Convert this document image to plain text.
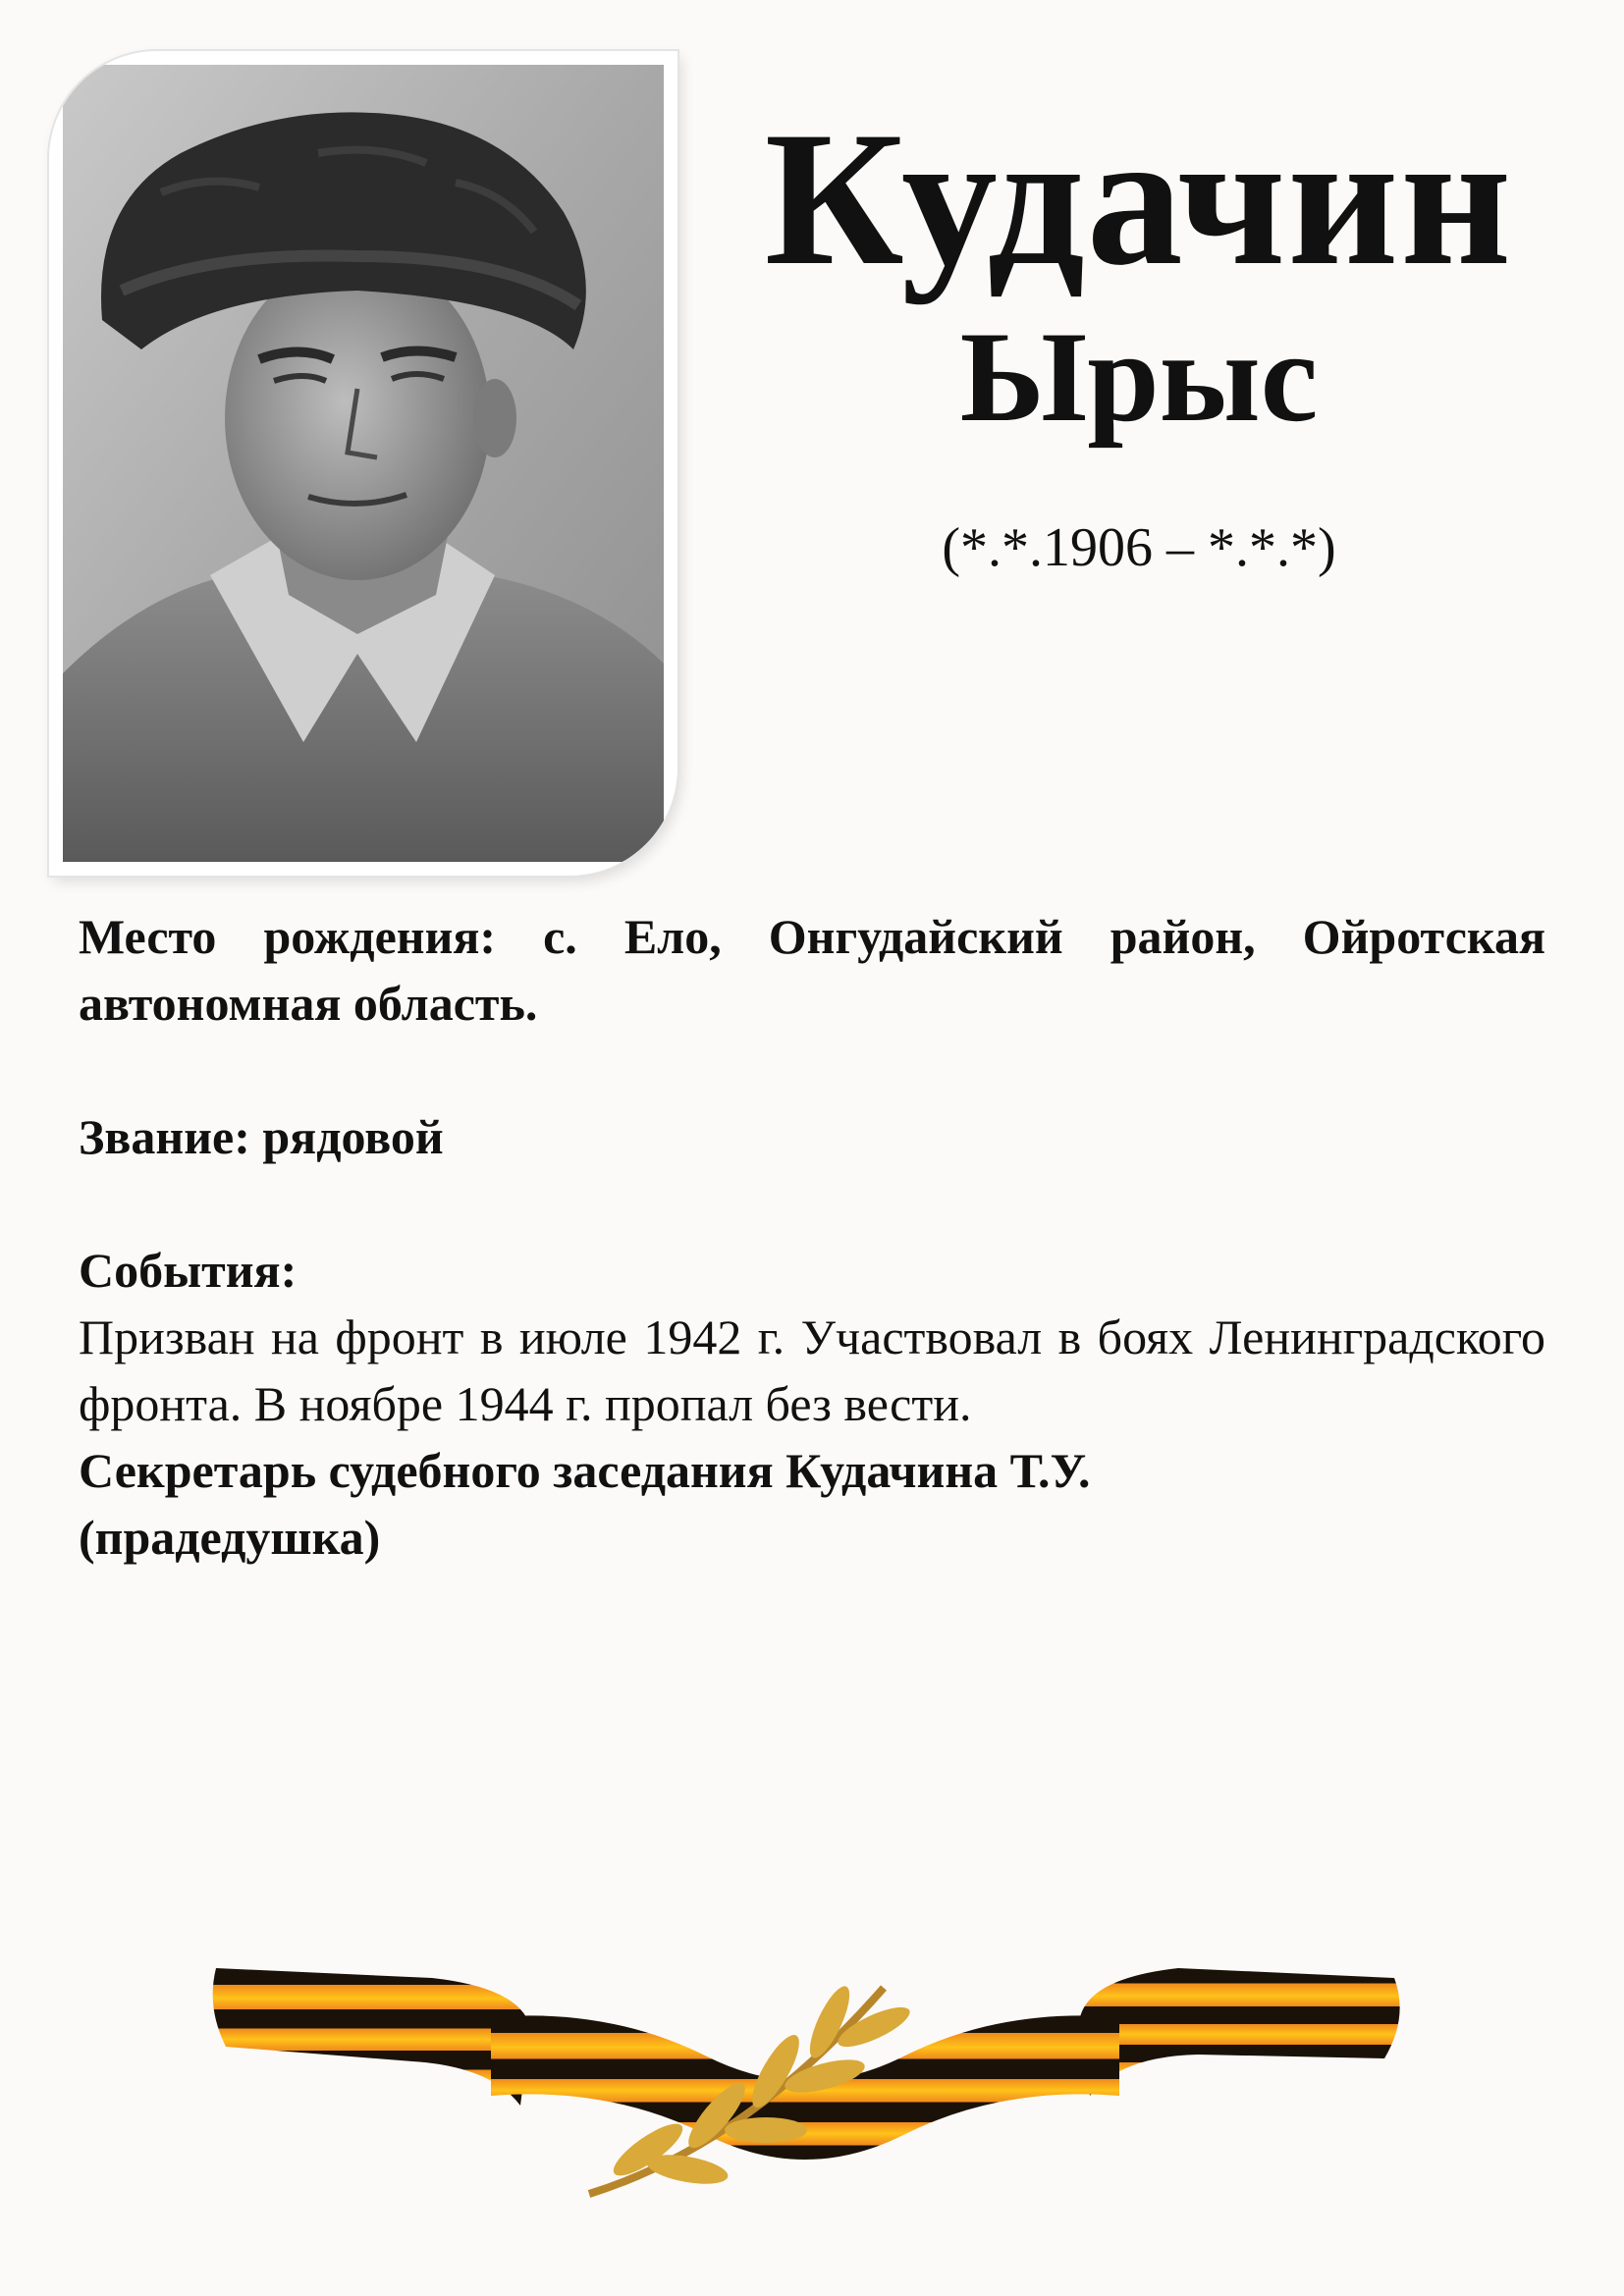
Кудачин
Ырыс
(*.*.1906 – *.*.*)

Место рождения: с. Ело, Онгудайский район, Ойротская автономная область.

Звание: рядовой

События:

Призван на фронт в июле 1942 г. Участвовал в боях Ленинградского фронта. В ноябре 1944 г. пропал без вести.

Секретарь судебного заседания Кудачина Т.У.

(прадедушка)
